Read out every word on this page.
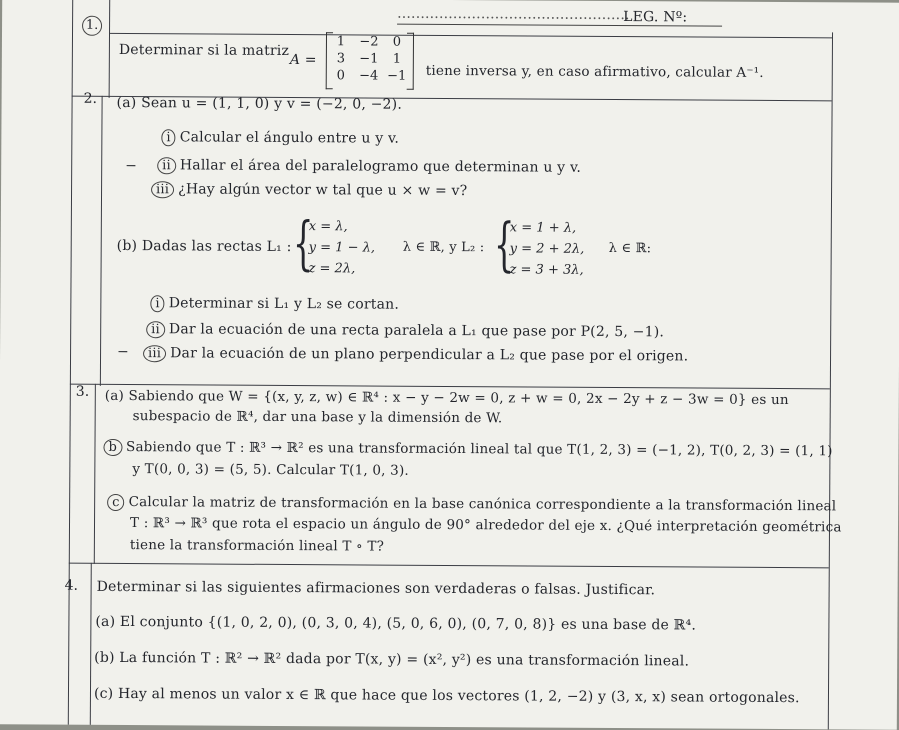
..................................................
LEG. Nº:
1.
Determinar si la matriz
A =
1	−2	0
3	−1	1
0	−4 −1 tiene inversa y, en caso afirmativo, calcular A⁻¹.
2. (a) Sean u = (1, 1, 0) y v = (−2, 0, −2).
i Calcular el ángulo entre u y v.
ii Hallar el área del paralelogramo que determinan u y v.
iii ¿Hay algún vector w tal que u × w = v?
−
(b) Dadas las rectas L₁ : {
x = λ,
y = 1 − λ,
z = 2λ,
λ ∈ ℝ, y L₂ : {
x = 1 + λ,
y = 2 + 2λ,
z = 3 + 3λ,
λ ∈ ℝ:
i Determinar si L₁ y L₂ se cortan.
ii Dar la ecuación de una recta paralela a L₁ que pase por P(2, 5, −1).
iii Dar la ecuación de un plano perpendicular a L₂ que pase por el origen.
−
3. (a) Sabiendo que W = {(x, y, z, w) ∈ ℝ⁴ : x − y − 2w = 0, z + w = 0, 2x − 2y + z − 3w = 0} es un
subespacio de ℝ⁴, dar una base y la dimensión de W.
b Sabiendo que T : ℝ³ → ℝ² es una transformación lineal tal que T(1, 2, 3) = (−1, 2), T(0, 2, 3) = (1, 1)
y T(0, 0, 3) = (5, 5). Calcular T(1, 0, 3).
c Calcular la matriz de transformación en la base canónica correspondiente a la transformación lineal
T : ℝ³ → ℝ³ que rota el espacio un ángulo de 90° alrededor del eje x. ¿Qué interpretación geométrica
tiene la transformación lineal T ∘ T?
4. Determinar si las siguientes afirmaciones son verdaderas o falsas. Justificar.
(a) El conjunto {(1, 0, 2, 0), (0, 3, 0, 4), (5, 0, 6, 0), (0, 7, 0, 8)} es una base de ℝ⁴.
(b) La función T : ℝ² → ℝ² dada por T(x, y) = (x², y²) es una transformación lineal.
(c) Hay al menos un valor x ∈ ℝ que hace que los vectores (1, 2, −2) y (3, x, x) sean ortogonales.
